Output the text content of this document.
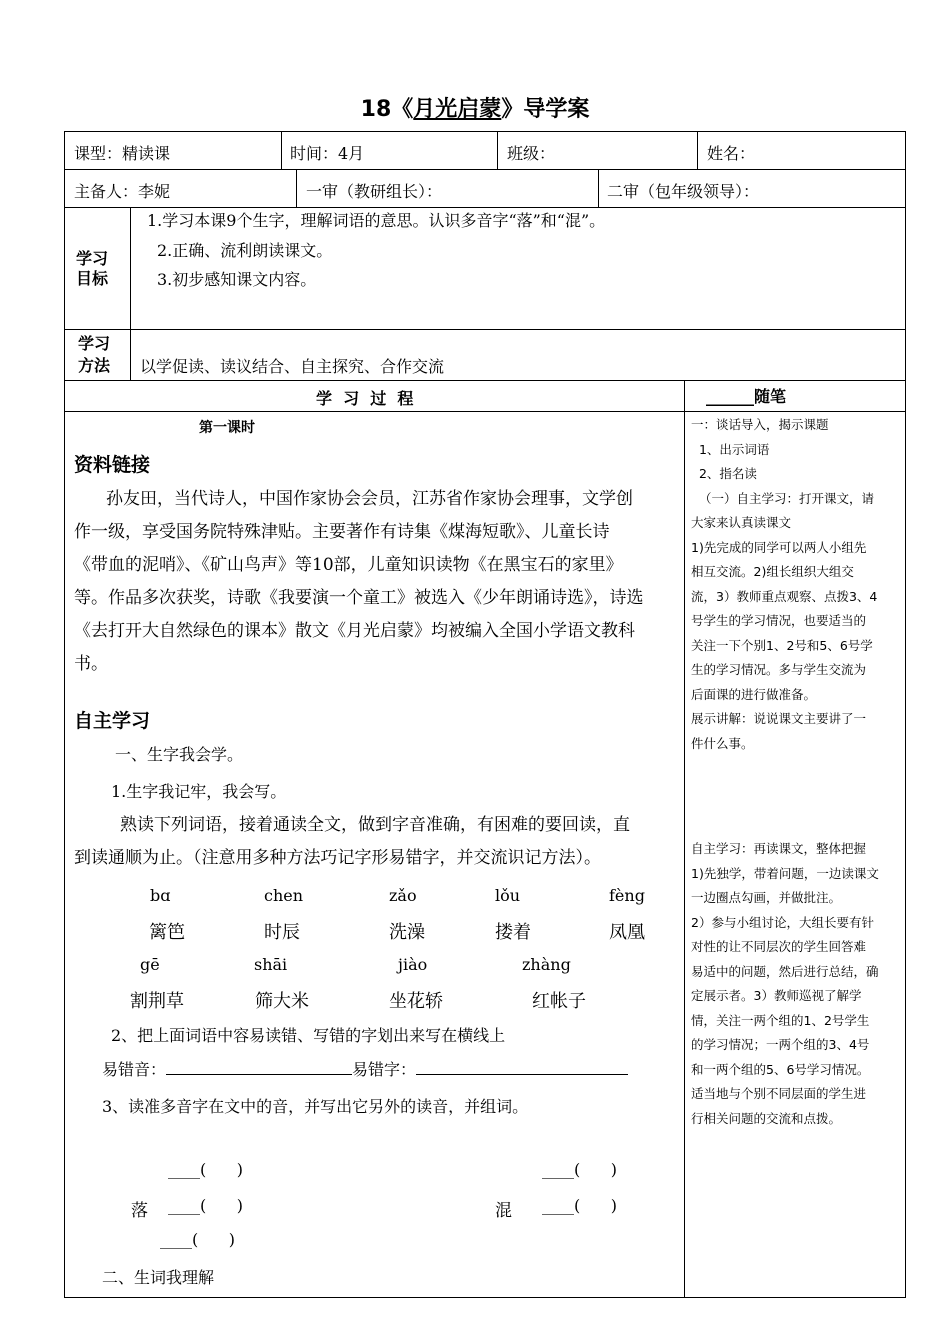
18《月光启蒙》导学案
课型：精读课	时间：4月	班级：	姓名：
主备人：李妮	一审（教研组长）：	二审（包年级领导）：
学习
目标
1.学习本课9个生字，理解词语的意思。认识多音字“落”和“混”。
2.正确、流利朗读课文。
3.初步感知课文内容。
学习
方法 以学促读、读议结合、自主探究、合作交流
学  习  过  程	______随笔
第一课时
资料链接
孙友田，当代诗人，中国作家协会会员，江苏省作家协会理事，文学创
作一级，享受国务院特殊津贴。主要著作有诗集《煤海短歌》、儿童长诗
《带血的泥哨》、《矿山鸟声》等10部，儿童知识读物《在黑宝石的家里》
等。作品多次获奖，诗歌《我要演一个童工》被选入《少年朗诵诗选》，诗选
《去打开大自然绿色的课本》散文《月光启蒙》均被编入全国小学语文教科
书。
自主学习
一、生字我会学。
1.生字我记牢，我会写。
熟读下列词语，接着通读全文，做到字音准确，有困难的要回读，直
到读通顺为止。（注意用多种方法巧记字形易错字，并交流识记方法）。
bɑ	chen	zǎo	lǒu	fèng
篱笆	时辰	洗澡	搂着	凤凰
gē	shāi	jiào	zhàng
割荆草	筛大米	坐花轿	红帐子
2、把上面词语中容易读错、写错的字划出来写在横线上
易错音：	易错字：
3、读准多音字在文中的音，并写出它另外的读音，并组词。
____(      )
落 ____(      )
____(      )
____(      )
混 ____(      )
二、生词我理解
一：谈话导入，揭示课题
1、出示词语
2、指名读
（一）自主学习：打开课文，请
大家来认真读课文
1)先完成的同学可以两人小组先
相互交流。2)组长组织大组交
流，3）教师重点观察、点拨3、4
号学生的学习情况，也要适当的
关注一下个别1、2号和5、6号学
生的学习情况。多与学生交流为
后面课的进行做准备。
展示讲解：说说课文主要讲了一
件什么事。
自主学习：再读课文，整体把握
1)先独学，带着问题，一边读课文
一边圈点勾画，并做批注。
2）参与小组讨论，大组长要有针
对性的让不同层次的学生回答难
易适中的问题，然后进行总结，确
定展示者。3）教师巡视了解学
情，关注一两个组的1、2号学生
的学习情况；一两个组的3、4号
和一两个组的5、6号学习情况。
适当地与个别不同层面的学生进
行相关问题的交流和点拨。
